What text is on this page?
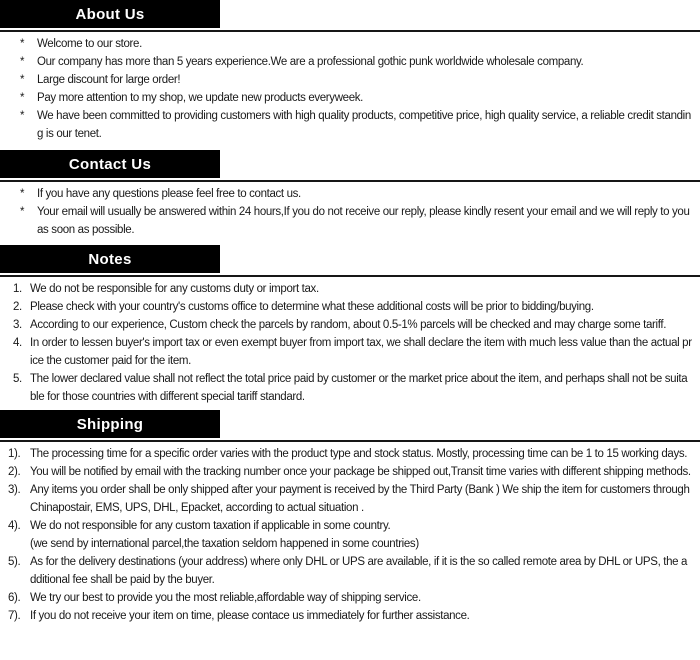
About Us
* Welcome to our store.
* Our company has more than 5 years experience.We are a professional gothic punk worldwide wholesale company.
* Large discount for large order!
* Pay more attention to my shop, we update new products everyweek.
* We have been committed to providing customers with high quality products, competitive price, high quality service, a reliable credit standing is our tenet.
Contact Us
* If you have any questions please feel free to contact us.
* Your email will usually be answered within 24 hours,If you do not receive our reply, please kindly resent your email and we will reply to you as soon as possible.
Notes
1. We do not be responsible for any customs duty or import tax.
2. Please check with your country's customs office to determine what these additional costs will be prior to bidding/buying.
3. According to our experience, Custom check the parcels by random, about 0.5-1% parcels will be checked and may charge some tariff.
4. In order to lessen buyer's import tax or even exempt buyer from import tax, we shall declare the item with much less value than the actual price the customer paid for the item.
5. The lower declared value shall not reflect the total price paid by customer or the market price about the item, and perhaps shall not be suitable for those countries with different special tariff standard.
Shipping
1). The processing time for a specific order varies with the product type and stock status. Mostly, processing time can be 1 to 15 working days.
2). You will be notified by email with the tracking number once your package be shipped out,Transit time varies with different shipping methods.
3). Any items you order shall be only shipped after your payment is received by the Third Party (Bank ) We ship the item for customers through Chinapostair, EMS, UPS, DHL, Epacket, according to actual situation .
4). We do not responsible for any custom taxation if applicable in some country.
(we send by international parcel,the taxation seldom happened in some countries)
5). As for the delivery destinations (your address) where only DHL or UPS are available, if it is the so called remote area by DHL or UPS, the additional fee shall be paid by the buyer.
6). We try our best to provide you the most reliable,affordable way of shipping service.
7). If you do not receive your item on time, please contace us immediately for further assistance.
